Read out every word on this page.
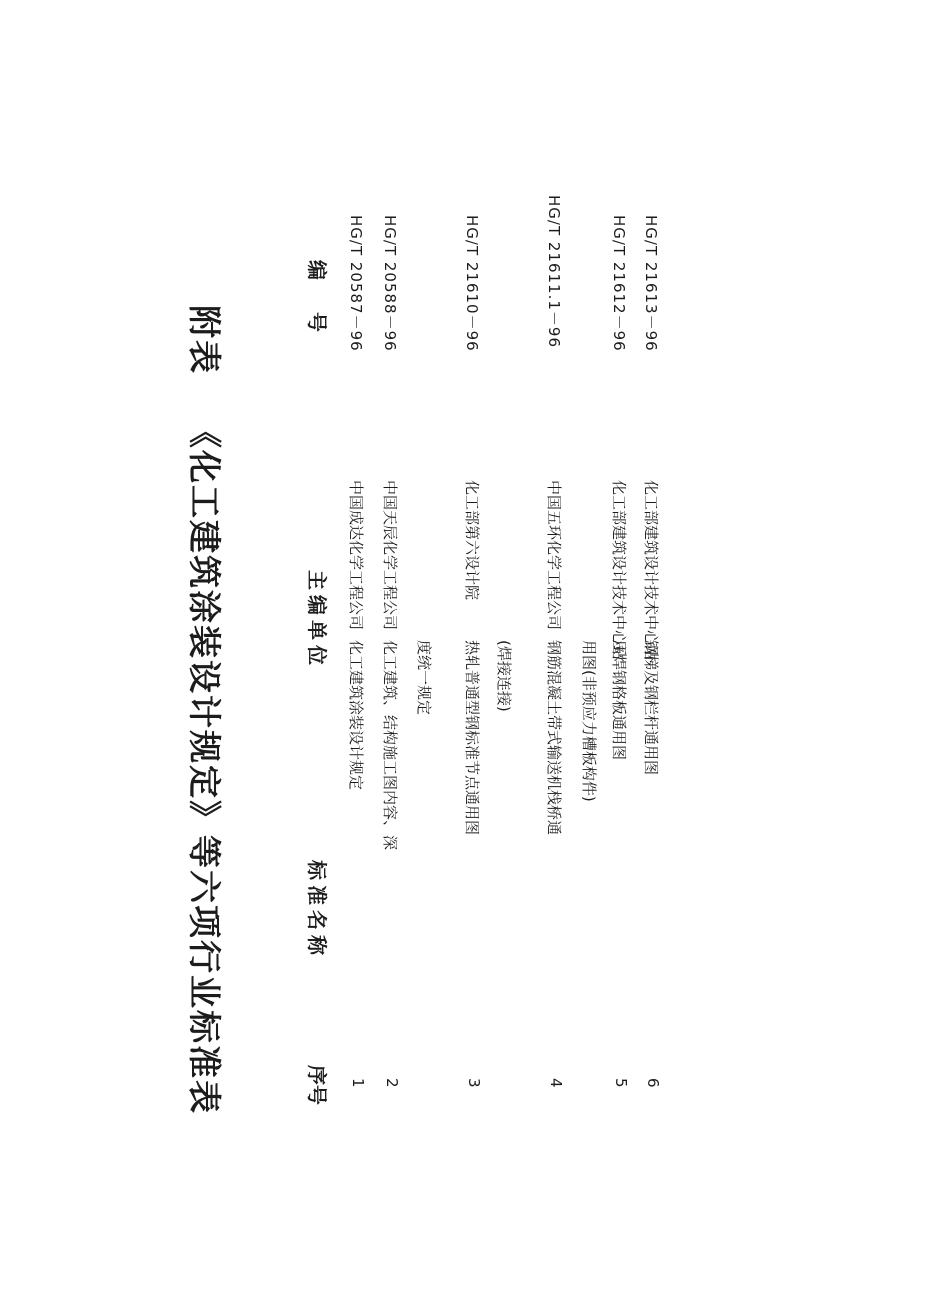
附表《化工建筑涂装设计规定》等六项行业标准表	序号
标准名称
主编单位
编号
1
化工建筑涂装设计规定
中国成达化学工程公司
HG/T 20587－96
2
化工建筑、结构施工图内容、深 度统一规定
中国天辰化学工程公司
HG/T 20588－96
3
热轧普通型钢标准节点通用图 (焊接连接)
化工部第六设计院
HG/T 21610－96
4
钢筋混凝土带式输送机栈桥通 用图(非预应力槽板构件)
中国五环化学工程公司
HG/T 21611.1－96
5
压焊钢格板通用图
化工部建筑设计技术中心站
HG/T 21612－96
6
钢梯及钢栏杆通用图
化工部建筑设计技术中心站
HG/T 21613－96
